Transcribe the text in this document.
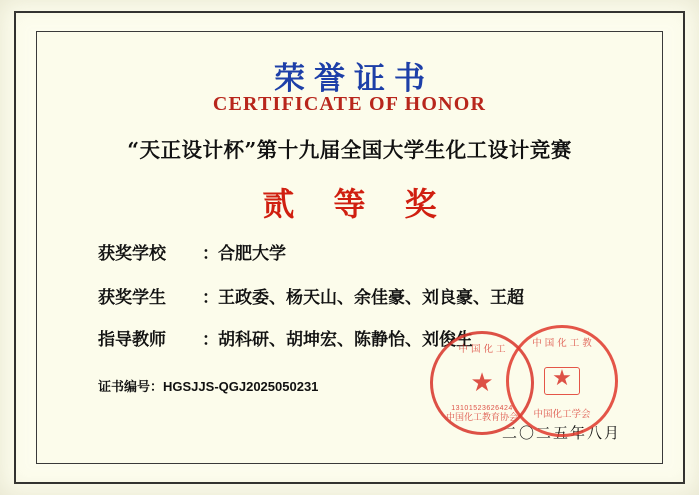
荣誉证书
CERTIFICATE OF HONOR
“天正设计杯”第十九届全国大学生化工设计竞赛
贰 等 奖
获奖学校 ：合肥大学
获奖学生 ：王政委、杨天山、余佳豪、刘良豪、王超
指导教师 ：胡科研、胡坤宏、陈静怡、刘俊生
证书编号：HGSJJS-QGJ2025050231
二〇二五年八月
中 国 化 工
★
13101523626424
中国化工教育协会
中 国 化 工 教
★
中国化工学会
